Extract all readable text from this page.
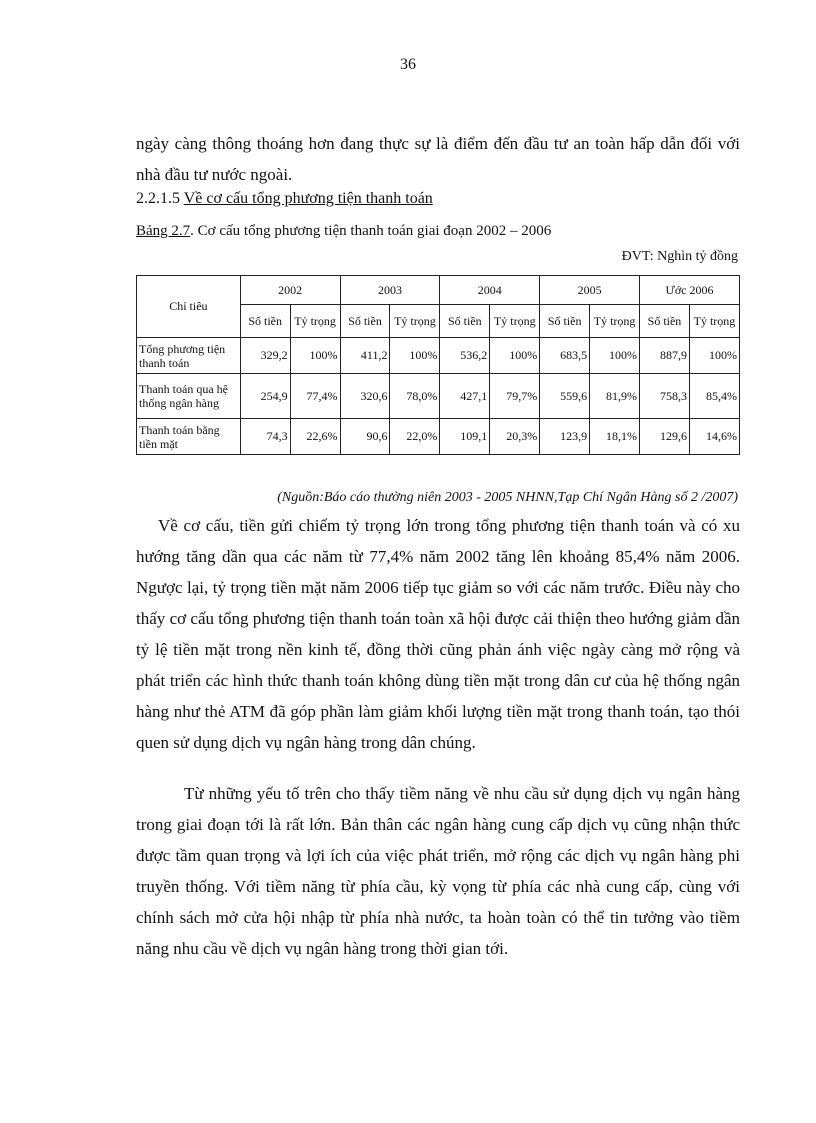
36
ngày càng thông thoáng hơn đang thực sự là điểm đến đầu tư an toàn hấp dẫn đối với nhà đầu tư nước ngoài.
2.2.1.5 Về cơ cấu tổng phương tiện thanh toán
Bảng 2.7. Cơ cấu tổng phương tiện thanh toán giai đoạn 2002 – 2006
ĐVT: Nghìn tỷ đồng
Chỉ tiêu	2002		2003		2004		2005		Ước 2006	
	Số tiền	Tỷ trọng	Số tiền	Tỷ trọng	Số tiền	Tỷ trọng	Số tiền	Tỷ trọng	Số tiền	Tỷ trọng
Tổng phương tiện thanh toán	329,2	100%	411,2	100%	536,2	100%	683,5	100%	887,9	100%
Thanh toán qua hệ thống ngân hàng	254,9	77,4%	320,6	78,0%	427,1	79,7%	559,6	81,9%	758,3	85,4%
Thanh toán bằng tiền mặt	74,3	22,6%	90,6	22,0%	109,1	20,3%	123,9	18,1%	129,6	14,6%
(Nguồn:Báo cáo thường niên 2003 - 2005 NHNN,Tạp Chí Ngân Hàng số 2 /2007)
Về cơ cấu, tiền gửi chiếm tỷ trọng lớn trong tổng phương tiện thanh toán và có xu hướng tăng dần qua các năm từ 77,4% năm 2002 tăng lên khoảng 85,4% năm 2006. Ngược lại, tỷ trọng tiền mặt năm 2006 tiếp tục giảm so với các năm trước. Điều này cho thấy cơ cấu tổng phương tiện thanh toán toàn xã hội được cải thiện theo hướng giảm dần tỷ lệ tiền mặt trong nền kinh tế, đồng thời cũng phản ánh việc ngày càng mở rộng và phát triển các hình thức thanh toán không dùng tiền mặt trong dân cư của hệ thống ngân hàng như thẻ ATM đã góp phần làm giảm khối lượng tiền mặt trong thanh toán, tạo thói quen sử dụng dịch vụ ngân hàng trong dân chúng.
Từ những yếu tố trên cho thấy tiềm năng về nhu cầu sử dụng dịch vụ ngân hàng trong giai đoạn tới là rất lớn. Bản thân các ngân hàng cung cấp dịch vụ cũng nhận thức được tầm quan trọng và lợi ích của việc phát triển, mở rộng các dịch vụ ngân hàng phi truyền thống. Với tiềm năng từ phía cầu, kỳ vọng từ phía các nhà cung cấp, cùng với chính sách mở cửa hội nhập từ phía nhà nước, ta hoàn toàn có thể tin tưởng vào tiềm năng nhu cầu về dịch vụ ngân hàng trong thời gian tới.
